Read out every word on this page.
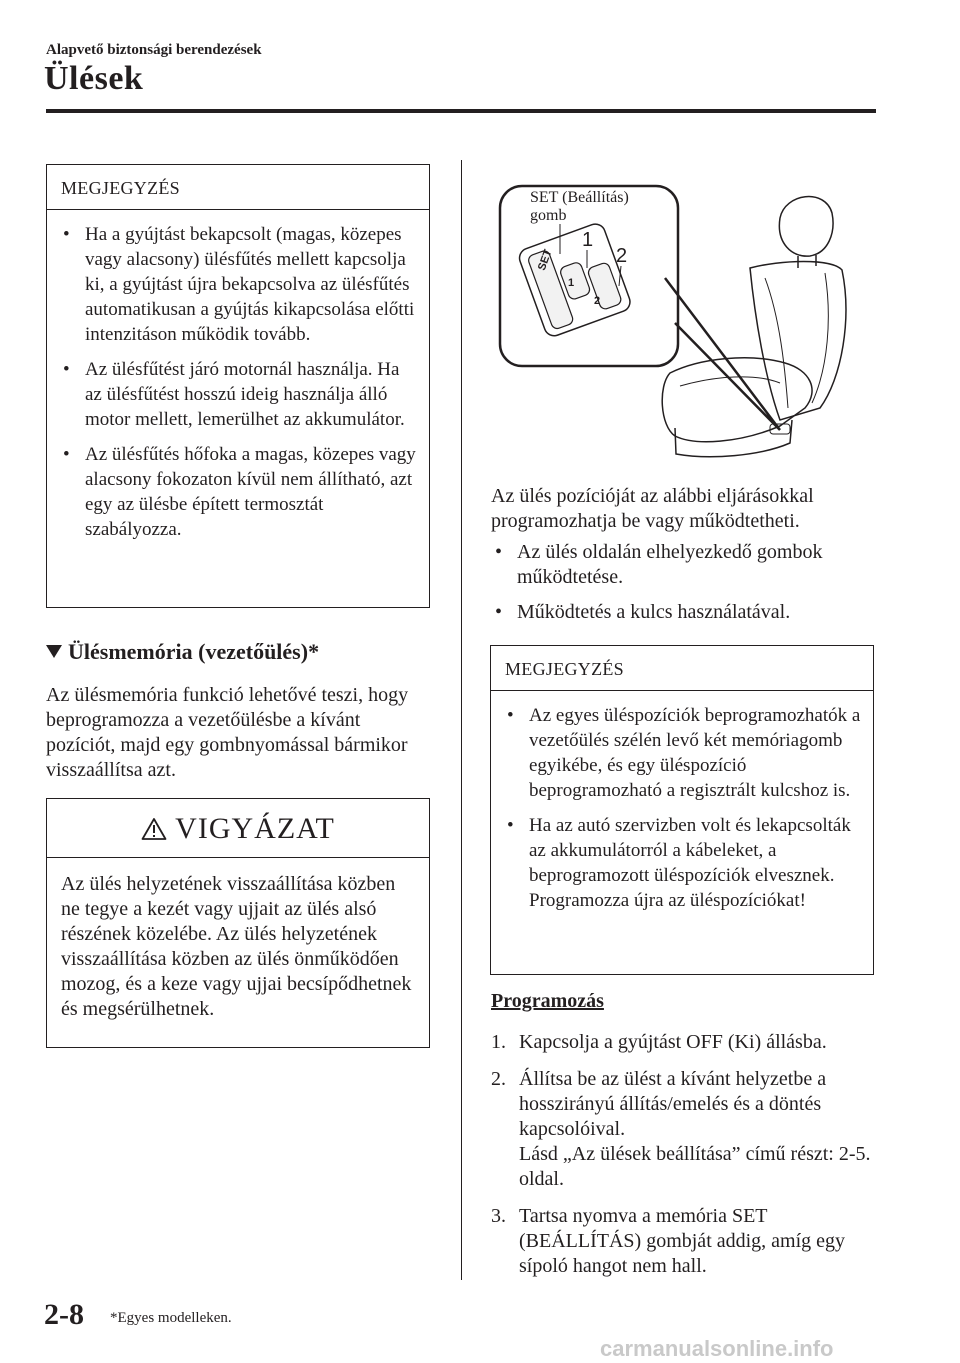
Alapvető biztonsági berendezések
Ülések
MEGJEGYZÉS
• Ha a gyújtást bekapcsolt (magas, közepes vagy alacsony) ülésfűtés mellett kapcsolja ki, a gyújtást újra bekapcsolva az ülésfűtés automatikusan a gyújtás kikapcsolása előtti intenzitáson működik tovább.
• Az ülésfűtést járó motornál használja. Ha az ülésfűtést hosszú ideig használja álló motor mellett, lemerülhet az akkumulátor.
• Az ülésfűtés hőfoka a magas, közepes vagy alacsony fokozaton kívül nem állítható, azt egy az ülésbe épített termosztát szabályozza.
Ülésmemória (vezetőülés)*
Az ülésmemória funkció lehetővé teszi, hogy beprogramozza a vezetőülésbe a kívánt pozíciót, majd egy gombnyomással bármikor visszaállítsa azt.
VIGYÁZAT
Az ülés helyzetének visszaállítása közben ne tegye a kezét vagy ujjait az ülés alsó részének közelébe. Az ülés helyzetének visszaállítása közben az ülés önműködően mozog, és a keze vagy ujjai becsípődhetnek és megsérülhetnek.
SET
1
2
SET (Beállítás)
gomb
1
2
Az ülés pozícióját az alábbi eljárásokkal programozhatja be vagy működtetheti.
• Az ülés oldalán elhelyezkedő gombok működtetése.
• Működtetés a kulcs használatával.
MEGJEGYZÉS
• Az egyes üléspozíciók beprogramozhatók a vezetőülés szélén levő két memóriagomb egyikébe, és egy üléspozíció beprogramozható a regisztrált kulcshoz is.
• Ha az autó szervizben volt és lekapcsolták az akkumulátorról a kábeleket, a beprogramozott üléspozíciók elvesznek. Programozza újra az üléspozíciókat!
Programozás
1. Kapcsolja a gyújtást OFF (Ki) állásba.
2. Állítsa be az ülést a kívánt helyzetbe a hosszirányú állítás/emelés és a döntés kapcsolóival.
Lásd „Az ülések beállítása” című részt: 2-5. oldal.
3. Tartsa nyomva a memória SET (BEÁLLÍTÁS) gombját addig, amíg egy sípoló hangot nem hall.
2-8 *Egyes modelleken.
carmanualsonline.info
